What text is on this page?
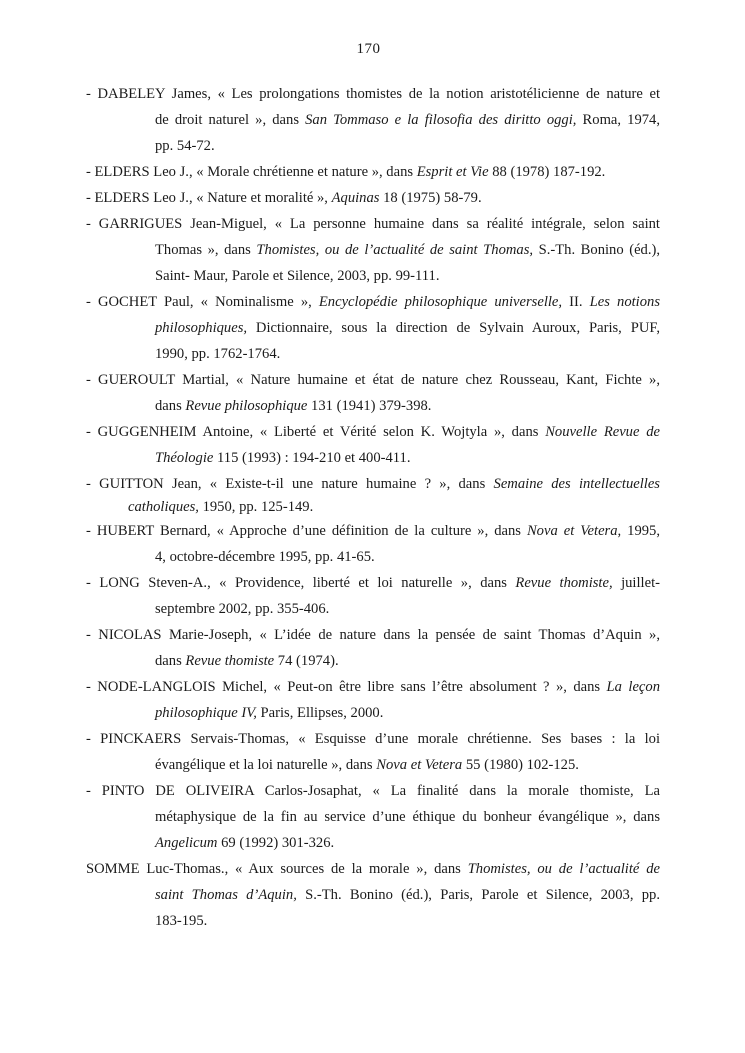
170

- DABELEY James, « Les prolongations thomistes de la notion aristotélicienne de nature et
de droit naturel », dans San Tommaso e la filosofia des diritto oggi, Roma, 1974,
pp. 54-72.

- ELDERS Leo J., « Morale chrétienne et nature », dans Esprit et Vie 88 (1978) 187-192.

- ELDERS Leo J., « Nature et moralité », Aquinas 18 (1975) 58-79.

- GARRIGUES Jean-Miguel, « La personne humaine dans sa réalité intégrale, selon saint
Thomas », dans Thomistes, ou de l’actualité de saint Thomas, S.-Th. Bonino (éd.),
Saint- Maur, Parole et Silence, 2003, pp. 99-111.

- GOCHET Paul, « Nominalisme », Encyclopédie philosophique universelle, II. Les notions
philosophiques, Dictionnaire, sous la direction de Sylvain Auroux, Paris, PUF,
1990, pp. 1762-1764.

- GUEROULT Martial, « Nature humaine et état de nature chez Rousseau, Kant, Fichte »,
dans Revue philosophique 131 (1941) 379-398.

- GUGGENHEIM Antoine, « Liberté et Vérité selon K. Wojtyla », dans Nouvelle Revue de
Théologie 115 (1993) : 194-210 et 400-411.

- GUITTON Jean, « Existe-t-il une nature humaine ? », dans Semaine des intellectuelles
catholiques, 1950, pp. 125-149.

- HUBERT Bernard, « Approche d’une définition de la culture », dans Nova et Vetera, 1995,
4, octobre-décembre 1995, pp. 41-65.

- LONG Steven-A., « Providence, liberté et loi naturelle », dans Revue thomiste, juillet-
septembre 2002, pp. 355-406.

- NICOLAS Marie-Joseph, « L’idée de nature dans la pensée de saint Thomas d’Aquin »,
dans Revue thomiste 74 (1974).

- NODE-LANGLOIS Michel, « Peut-on être libre sans l’être absolument ? », dans La leçon
philosophique IV, Paris, Ellipses, 2000.

- PINCKAERS Servais-Thomas, « Esquisse d’une morale chrétienne. Ses bases : la loi
évangélique et la loi naturelle », dans Nova et Vetera 55 (1980) 102-125.

- PINTO DE OLIVEIRA Carlos-Josaphat, « La finalité dans la morale thomiste, La
métaphysique de la fin au service d’une éthique du bonheur évangélique », dans
Angelicum 69 (1992) 301-326.

SOMME Luc-Thomas., « Aux sources de la morale », dans Thomistes, ou de l’actualité de
saint Thomas d’Aquin, S.-Th. Bonino (éd.), Paris, Parole et Silence, 2003, pp.
183-195.
